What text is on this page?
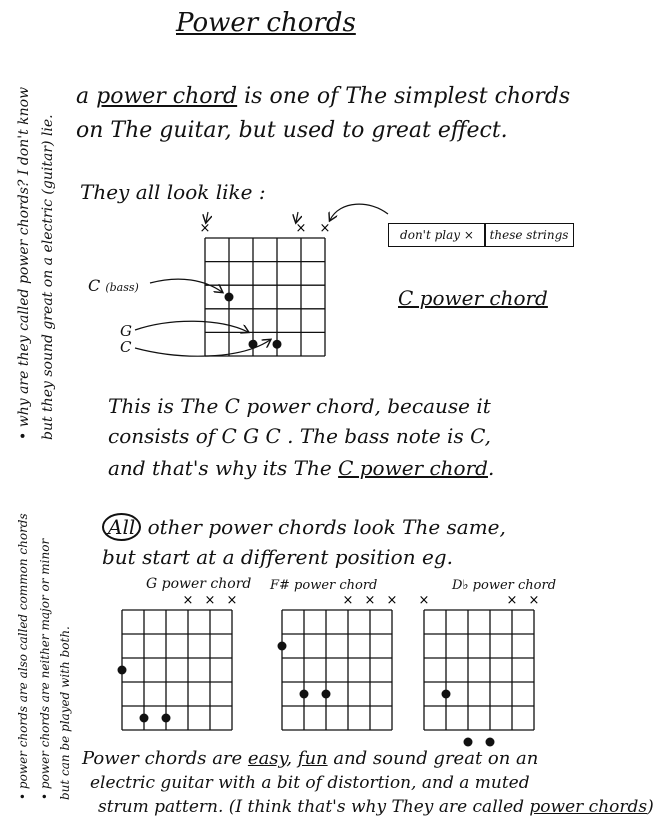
Power chords
a power chord is one of The simplest chords
on The guitar, but used to great effect.
They all look like :
don't play ×	these strings
C (bass)
G
C
C power chord
This is The C power chord, because it
consists of C G C . The bass note is C,
and that's why its The C power chord.
All other power chords look The same,
but start at a different position eg.
G power chord F# power chord	D♭ power chord
Power chords are easy, fun and sound great on an
electric guitar with a bit of distortion, and a muted
strum pattern. (I think that's why They are called power chords)
• why are they called power chords? I don't know but they sound great on a electric (guitar) lie.
• power chords are also called common chords • power chords are neither major or minor but can be played with both.
×	× ×
× × ×	× × × ×	× ×
